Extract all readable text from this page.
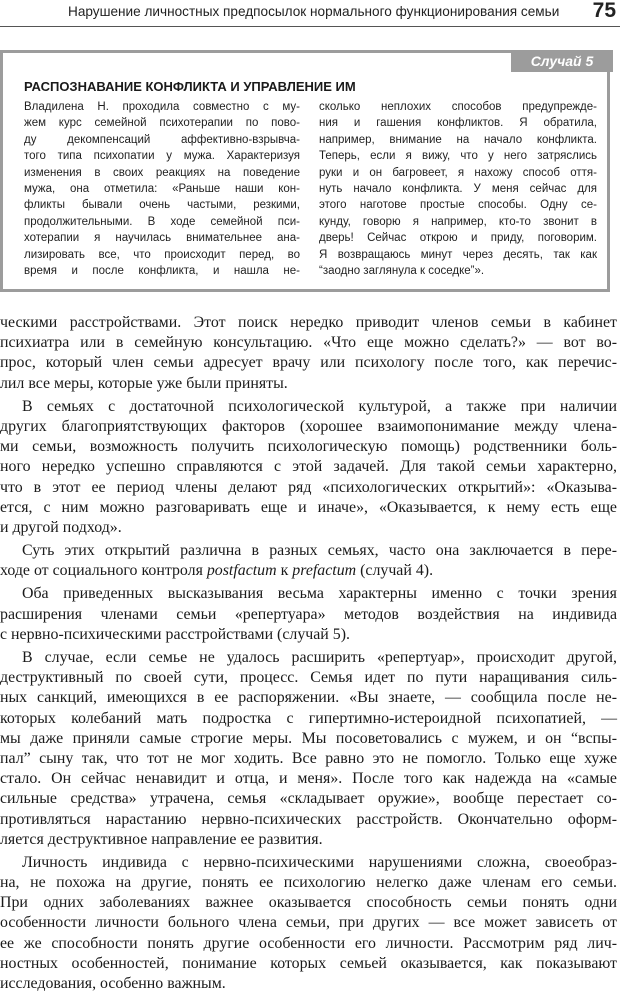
Нарушение личностных предпосылок нормального функционирования семьи 75
Случай 5
РАСПОЗНАВАНИЕ КОНФЛИКТА И УПРАВЛЕНИЕ ИМ
Владилена Н. проходила совместно с му-
жем курс семейной психотерапии по пово-
ду декомпенсаций аффективно-взрывча-
того типа психопатии у мужа. Характеризуя
изменения в своих реакциях на поведение
мужа, она отметила: «Раньше наши кон-
фликты бывали очень частыми, резкими,
продолжительными. В ходе семейной пси-
хотерапии я научилась внимательнее ана-
лизировать все, что происходит перед, во
время и после конфликта, и нашла не-
сколько неплохих способов предупрежде-
ния и гашения конфликтов. Я обратила,
например, внимание на начало конфликта.
Теперь, если я вижу, что у него затряслись
руки и он багровеет, я нахожу способ оття-
нуть начало конфликта. У меня сейчас для
этого наготове простые способы. Одну се-
кунду, говорю я например, кто-то звонит в
дверь! Сейчас открою и приду, поговорим.
Я возвращаюсь минут через десять, так как
“заодно заглянула к соседке”».
ческими расстройствами. Этот поиск нередко приводит членов семьи в кабинет
психиатра или в семейную консультацию. «Что еще можно сделать?» — вот во-
прос, который член семьи адресует врачу или психологу после того, как перечис-
лил все меры, которые уже были приняты.
В семьях с достаточной психологической культурой, а также при наличии
других благоприятствующих факторов (хорошее взаимопонимание между членa-
ми семьи, возможность получить психологическую помощь) родственники боль-
ного нередко успешно справляются с этой задачей. Для такой семьи характерно,
что в этот ее период члены делают ряд «психологических открытий»: «Оказыва-
ется, с ним можно разговаривать еще и иначе», «Оказывается, к нему есть еще
и другой подход».
Суть этих открытий различна в разных семьях, часто она заключается в пере-
ходе от социального контроля postfactum к prefactum (случай 4).
Оба приведенных высказывания весьма характерны именно с точки зрения
расширения членами семьи «репертуара» методов воздействия на индивида
с нервно-психическими расстройствами (случай 5).
В случае, если семье не удалось расширить «репертуар», происходит другой,
деструктивный по своей сути, процесс. Семья идет по пути наращивания силь-
ных санкций, имеющихся в ее распоряжении. «Вы знаете, — сообщила после не-
которых колебаний мать подростка с гипертимно-истероидной психопатией, —
мы даже приняли самые строгие меры. Мы посоветовались с мужем, и он “вспы-
пал” сыну так, что тот не мог ходить. Все равно это не помогло. Только еще хуже
стало. Он сейчас ненавидит и отца, и меня». После того как надежда на «самые
сильные средства» утрачена, семья «складывает оружие», вообще перестает со-
противляться нарастанию нервно-психических расстройств. Окончательно оформ-
ляется деструктивное направление ее развития.
Личность индивида с нервно-психическими нарушениями сложна, своеобраз-
на, не похожа на другие, понять ее психологию нелегко даже членам его семьи.
При одних заболеваниях важнее оказывается способность семьи понять одни
особенности личности больного члена семьи, при других — все может зависеть от
ее же способности понять другие особенности его личности. Рассмотрим ряд лич-
ностных особенностей, понимание которых семьей оказывается, как показывают
исследования, особенно важным.
